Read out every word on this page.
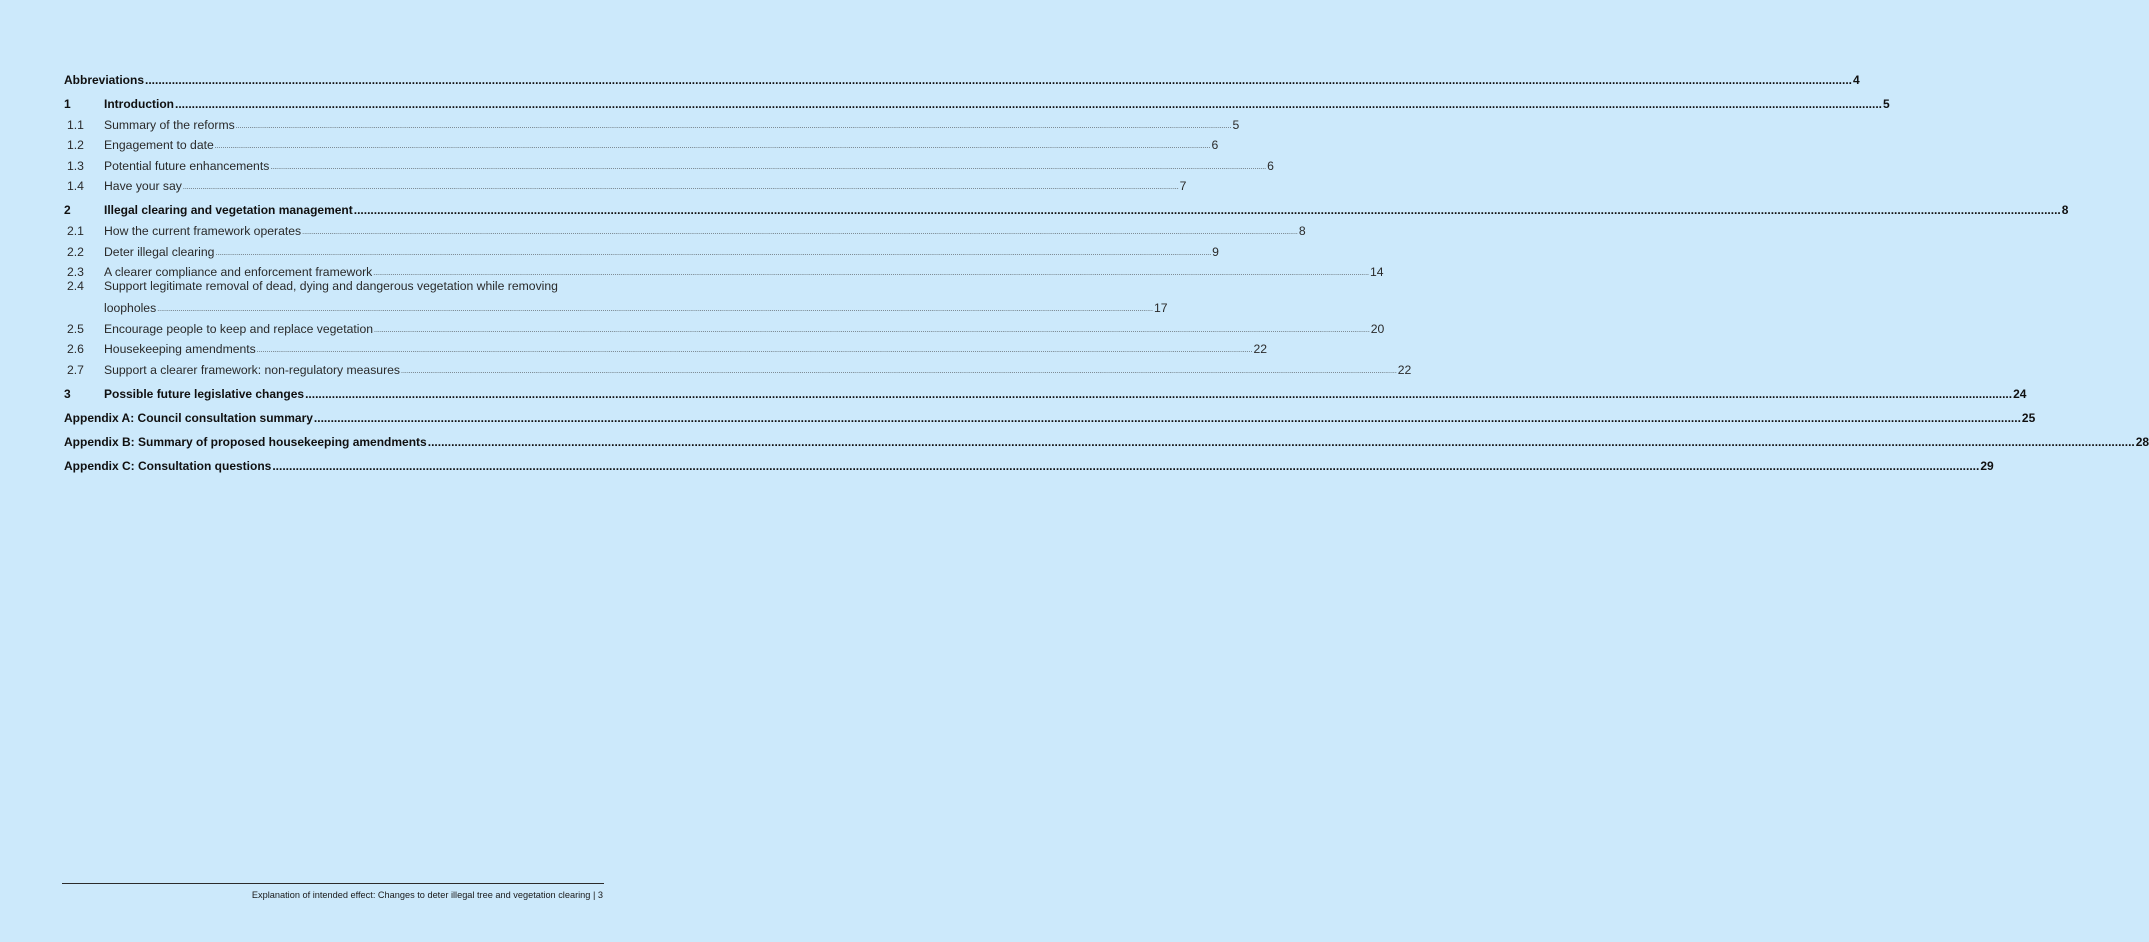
Abbreviations .....	4
1	Introduction .....	5
1.1	Summary of the reforms .....	5
1.2	Engagement to date .....	6
1.3	Potential future enhancements .....	6
1.4	Have your say .....	7
2	Illegal clearing and vegetation management .....	8
2.1	How the current framework operates .....	8
2.2	Deter illegal clearing .....	9
2.3	A clearer compliance and enforcement framework .....	14
2.4	Support legitimate removal of dead, dying and dangerous vegetation while removing
loopholes .....	17
2.5	Encourage people to keep and replace vegetation .....	20
2.6	Housekeeping amendments .....	22
2.7	Support a clearer framework: non-regulatory measures .....	22
3	Possible future legislative changes .....	24
Appendix A: Council consultation summary .....	25
Appendix B: Summary of proposed housekeeping amendments .....	28
Appendix C: Consultation questions .....	29
Explanation of intended effect: Changes to deter illegal tree and vegetation clearing | 3
